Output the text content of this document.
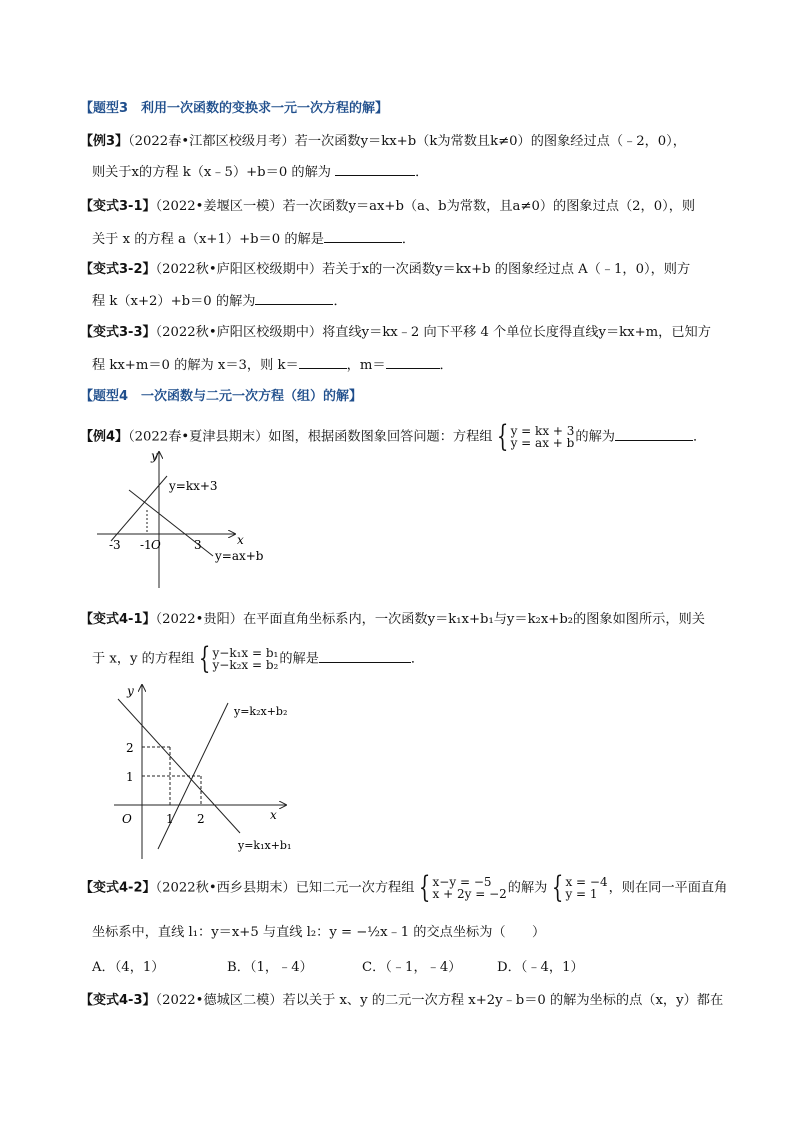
【题型3　利用一次函数的变换求一元一次方程的解】
【例3】（2022春•江都区校级月考）若一次函数y＝kx+b（k为常数且k≠0）的图象经过点（﹣2，0），
则关于x的方程 k（x﹣5）+b＝0 的解为	．
【变式3-1】（2022•姜堰区一模）若一次函数y＝ax+b（a、b为常数，且a≠0）的图象过点（2，0），则
关于 x 的方程 a（x+1）+b＝0 的解是	．
【变式3-2】（2022秋•庐阳区校级期中）若关于x的一次函数y＝kx+b 的图象经过点 A（﹣1，0），则方
程 k（x+2）+b＝0 的解为	．
【变式3-3】（2022秋•庐阳区校级期中）将直线y＝kx﹣2 向下平移 4 个单位长度得直线y＝kx+m，已知方
程 kx+m＝0 的解为 x＝3，则 k＝	，m＝	．
【题型4　一次函数与二元一次方程（组）的解】
【例4】（2022春•夏津县期末）如图，根据函数图象回答问题：方程组 { y = kx + 3
y = ax + b 的解为	．
y
x
y=kx+3
y=ax+b
-3 -1 O	3
【变式4-1】（2022•贵阳）在平面直角坐标系内，一次函数y＝k₁x+b₁与y＝k₂x+b₂的图象如图所示，则关
于 x，y 的方程组 { y−k₁x = b₁
y−k₂x = b₂ 的解是	．
y
x
O	1 2
2
1
y=k₂x+b₂
y=k₁x+b₁
【变式4-2】（2022秋•西乡县期末）已知二元一次方程组 { x−y = −5
x + 2y = −2 的解为 { x = −4
y = 1 ，则在同一平面直角
坐标系中，直线 l₁：y＝x+5 与直线 l₂：y = −½x﹣1 的交点坐标为（　　）
A．（4，1）	B．（1，﹣4）	C．（﹣1，﹣4）	D．（﹣4，1）
【变式4-3】（2022•德城区二模）若以关于 x、y 的二元一次方程 x+2y﹣b＝0 的解为坐标的点（x，y）都在
